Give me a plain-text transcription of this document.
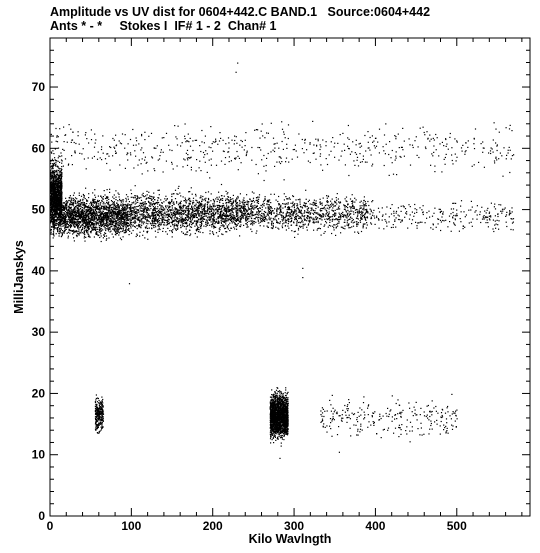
Amplitude vs UV dist for 0604+442.C BAND.1   Source:0604+442
Ants * - *     Stokes I  IF# 1 - 2  Chan# 1
0	100	200	300	400	500
0
10
20
30
40
50
60
70
Kilo Wavlngth
MilliJanskys
